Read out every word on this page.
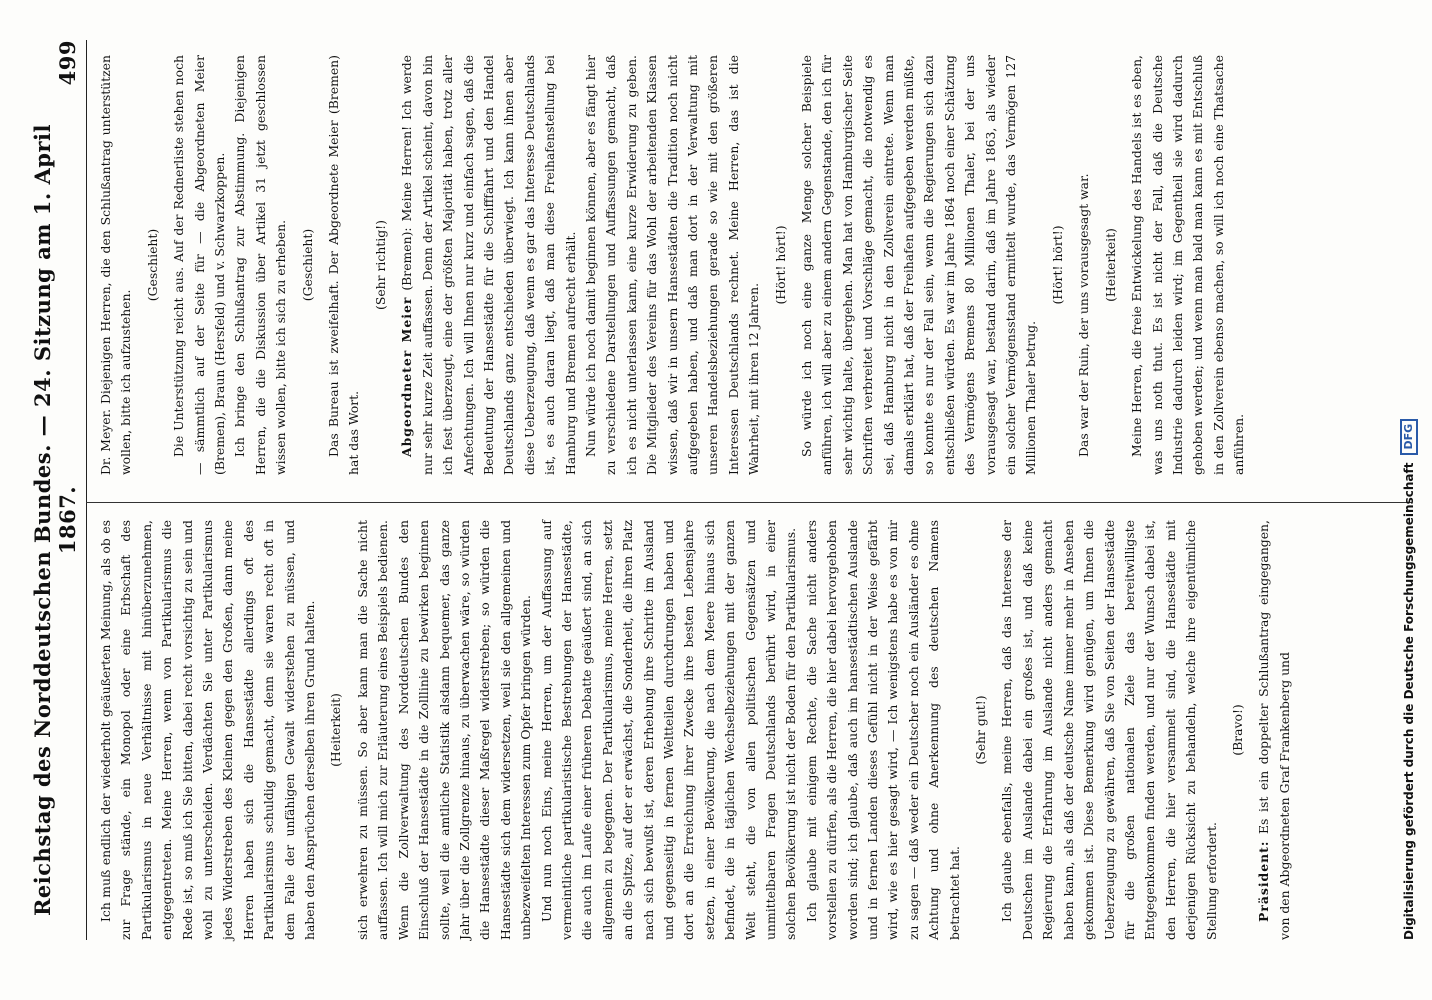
Reichstag des Norddeutschen Bundes. — 24. Sitzung am 1. April 1867.
499

Ich muß endlich der wiederholt geäußerten Meinung, als ob es zur Frage stände, ein Monopol oder eine Erbschaft des Partikularismus in neue Verhältnisse mit hinüberzunehmen, entgegentreten. Meine Herren, wenn von Partikularismus die Rede ist, so muß ich Sie bitten, dabei recht vorsichtig zu sein und wohl zu unterscheiden. Verdächten Sie unter Partikularismus jedes Widerstreben des Kleinen gegen den Großen, dann meine Herren haben sich die Hansestädte allerdings oft des Partikularismus schuldig gemacht, denn sie waren recht oft in dem Falle der unfähigen Gewalt widerstehen zu müssen, und haben den Ansprüchen derselben ihren Grund halten. (Heiterkeit) sich erwehren zu müssen. So aber kann man die Sache nicht auffassen. Ich will mich zur Erläuterung eines Beispiels bedienen. Wenn die Zollverwaltung des Norddeutschen Bundes den Einschluß der Hansestädte in die Zolllinie zu bewirken beginnen sollte, weil die amtliche Statistik alsdann bequemer, das ganze Jahr über die Zollgrenze hinaus, zu überwachen wäre, so würden die Hansestädte dieser Maßregel widerstreben; so würden die Hansestädte sich dem widersetzen, weil sie den allgemeinen und unbezweifelten Interessen zum Opfer bringen würden. Und nun noch Eins, meine Herren, um der Auffassung auf vermeintliche partikularistische Bestrebungen der Hansestädte, die auch im Laufe einer früheren Debatte geäußert sind, an sich allgemein zu begegnen. Der Partikularismus, meine Herren, setzt an die Spitze, auf der er erwächst, die Sonderheit, die ihren Platz nach sich bewußt ist, deren Erhebung ihre Schritte im Ausland und gegenseitig in fernen Weltteilen durchdrungen haben und dort an die Erreichung ihrer Zwecke ihre besten Lebensjahre setzen, in einer Bevölkerung, die nach dem Meere hinaus sich befindet, die in täglichen Wechselbeziehungen mit der ganzen Welt steht, die von allen politischen Gegensätzen und unmittelbaren Fragen Deutschlands berührt wird, in einer solchen Bevölkerung ist nicht der Boden für den Partikularismus. Ich glaube mit einigem Rechte, die Sache nicht anders vorstellen zu dürfen, als die Herren, die hier dabei hervorgehoben worden sind; ich glaube, daß auch im hansestädtischen Auslande und in fernen Landen dieses Gefühl nicht in der Weise gefärbt wird, wie es hier gesagt wird, — Ich wenigstens habe es von mir zu sagen — daß weder ein Deutscher noch ein Ausländer es ohne Achtung und ohne Anerkennung des deutschen Namens betrachtet hat.

(Sehr gut!) Ich glaube ebenfalls, meine Herren, daß das Interesse der Deutschen im Auslande dabei ein großes ist, und daß keine Regierung die Erfahrung im Auslande nicht anders gemacht haben kann, als daß der deutsche Name immer mehr in Ansehen gekommen ist. Diese Bemerkung wird genügen, um Ihnen die Ueberzeugung zu gewähren, daß Sie von Seiten der Hansestädte für die großen nationalen Ziele das bereitwilligste Entgegenkommen finden werden, und nur der Wunsch dabei ist, den Herren, die hier versammelt sind, die Hansestädte mit derjenigen Rücksicht zu behandeln, welche ihre eigentümliche Stellung erfordert.

(Bravo!)

Präsident: Es ist ein doppelter Schlußantrag eingegangen, von den Abgeordneten Graf Frankenberg und

Dr. Meyer. Diejenigen Herren, die den Schlußantrag unterstützen wollen, bitte ich aufzustehen.

(Geschieht) Die Unterstützung reicht aus. Auf der Rednerliste stehen noch — sämmtlich auf der Seite für — die Abgeordneten Meier (Bremen), Braun (Hersfeld) und v. Schwarzkoppen. Ich bringe den Schlußantrag zur Abstimmung. Diejenigen Herren, die die Diskussion über Artikel 31 jetzt geschlossen wissen wollen, bitte ich sich zu erheben. (Geschieht) Das Bureau ist zweifelhaft. Der Abgeordnete Meier (Bremen) hat das Wort.

(Sehr richtig!)

Abgeordneter Meier (Bremen): Meine Herren! Ich werde nur sehr kurze Zeit auffassen. Denn der Artikel scheint, davon bin ich fest überzeugt, eine der größten Majorität haben, trotz aller Anfechtungen. Ich will Ihnen nur kurz und einfach sagen, daß die Bedeutung der Hansestädte für die Schifffahrt und den Handel Deutschlands ganz entschieden überwiegt. Ich kann ihnen aber diese Ueberzeugung, daß wenn es gar das Interesse Deutschlands ist, es auch daran liegt, daß man diese Freihafenstellung bei Hamburg und Bremen aufrecht erhält. Nun würde ich noch damit beginnen können, aber es fängt hier zu verschiedene Darstellungen und Auffassungen gemacht, daß ich es nicht unterlassen kann, eine kurze Erwiderung zu geben. Die Mitglieder des Vereins für das Wohl der arbeitenden Klassen wissen, daß wir in unsern Hansestädten die Tradition noch nicht aufgegeben haben, und daß man dort in der Verwaltung mit unseren Handelsbeziehungen gerade so wie mit den größeren Interessen Deutschlands rechnet. Meine Herren, das ist die Wahrheit, mit ihren 12 Jahren.

(Hört! hört!) So würde ich noch eine ganze Menge solcher Beispiele anführen, ich will aber zu einem andern Gegenstande, den ich für sehr wichtig halte, übergehen. Man hat von Hamburgischer Seite Schriften verbreitet und Vorschläge gemacht, die notwendig es sei, daß Hamburg nicht in den Zollverein eintrete. Wenn man damals erklärt hat, daß der Freihafen aufgegeben werden müßte, so konnte es nur der Fall sein, wenn die Regierungen sich dazu entschließen würden. Es war im Jahre 1864 noch einer Schätzung des Vermögens Bremens 80 Millionen Thaler, bei der uns vorausgesagt war, bestand darin, daß im Jahre 1863, als wieder ein solcher Vermögensstand ermittelt wurde, das Vermögen 127 Millionen Thaler betrug.

(Hört! hört!) Das war der Ruin, der uns vorausgesagt war. (Heiterkeit) Meine Herren, die freie Entwickelung des Handels ist es eben, was uns noth thut. Es ist nicht der Fall, daß die Deutsche Industrie dadurch leiden wird; im Gegentheil sie wird dadurch gehoben werden; und wenn man bald man kann es mit Entschluß in den Zollverein ebenso machen, so will ich noch eine Thatsache anführen.

Digitalisierung gefördert durch die Deutsche Forschungsgemeinschaft
DFG
